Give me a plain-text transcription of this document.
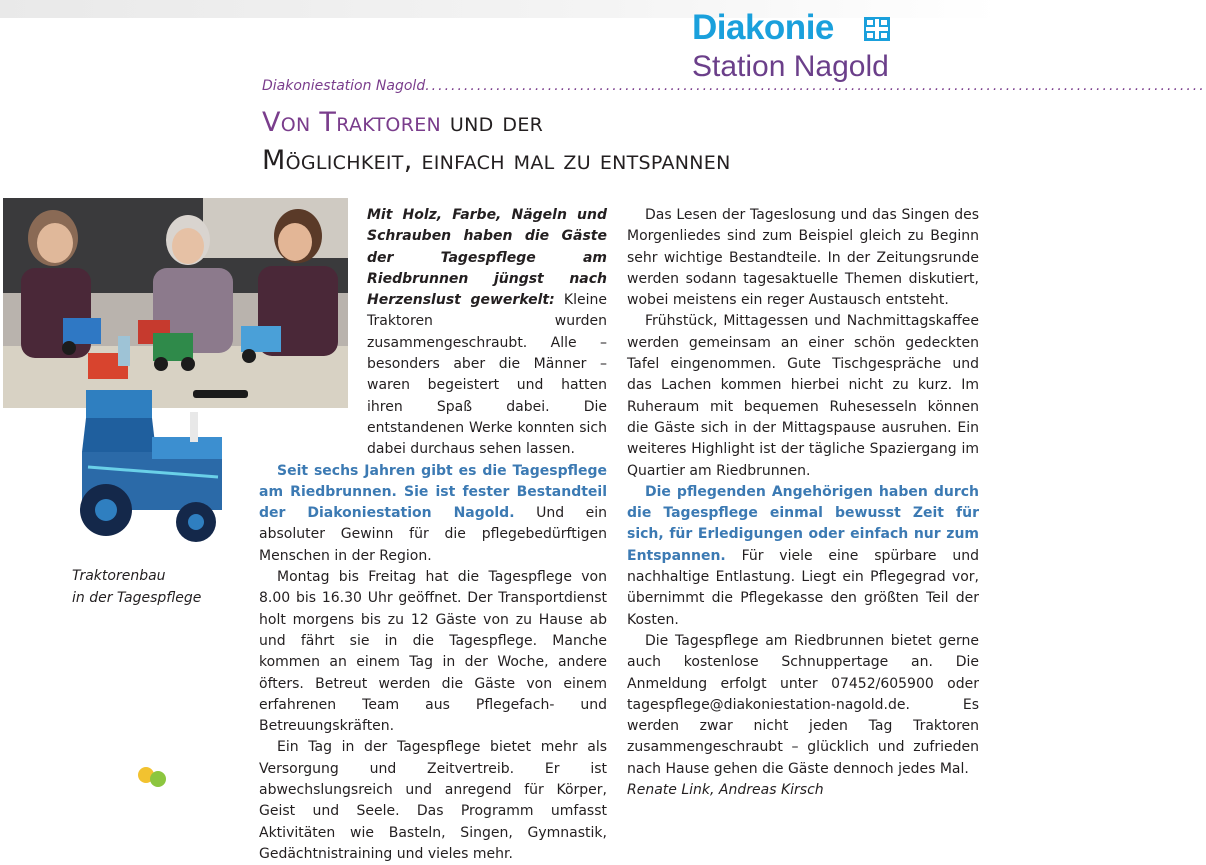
Diakonie
Station Nagold
Diakoniestation Nagold.........................................................................................................................
Von Traktoren und der
Möglichkeit, einfach mal zu entspannen
Traktorenbau
in der Tagespflege

Mit Holz, Farbe, Nägeln und Schrauben haben die Gäste der Tagespflege am Riedbrunnen jüngst nach Herzenslust gewerkelt: Kleine Traktoren wurden zusammengeschraubt. Alle – besonders aber die Männer – waren begeistert und hatten ihren Spaß dabei. Die entstandenen Werke konnten sich dabei durchaus sehen lassen.

Seit sechs Jahren gibt es die Tagespflege am Riedbrunnen. Sie ist fester Bestandteil der Diakoniestation Nagold. Und ein absoluter Gewinn für die pflegebedürftigen Menschen in der Region.

Montag bis Freitag hat die Tagespflege von 8.00 bis 16.30 Uhr geöffnet. Der Transportdienst holt morgens bis zu 12 Gäste von zu Hause ab und fährt sie in die Tagespflege. Manche kommen an einem Tag in der Woche, andere öfters. Betreut werden die Gäste von einem erfahrenen Team aus Pflegefach- und Betreuungskräften.

Ein Tag in der Tagespflege bietet mehr als Versorgung und Zeitvertreib. Er ist abwechslungsreich und anregend für Körper, Geist und Seele. Das Programm umfasst Aktivitäten wie Basteln, Singen, Gymnastik, Gedächtnistraining und vieles mehr.

Das Lesen der Tageslosung und das Singen des Morgenliedes sind zum Beispiel gleich zu Beginn sehr wichtige Bestandteile. In der Zeitungsrunde werden sodann tagesaktuelle Themen diskutiert, wobei meistens ein reger Austausch entsteht.

Frühstück, Mittagessen und Nachmittagskaffee werden gemeinsam an einer schön gedeckten Tafel eingenommen. Gute Tischgespräche und das Lachen kommen hierbei nicht zu kurz. Im Ruheraum mit bequemen Ruhesesseln können die Gäste sich in der Mittagspause ausruhen. Ein weiteres Highlight ist der tägliche Spaziergang im Quartier am Riedbrunnen.

Die pflegenden Angehörigen haben durch die Tagespflege einmal bewusst Zeit für sich, für Erledigungen oder einfach nur zum Entspannen. Für viele eine spürbare und nachhaltige Entlastung. Liegt ein Pflegegrad vor, übernimmt die Pflegekasse den größten Teil der Kosten.

Die Tagespflege am Riedbrunnen bietet gerne auch kostenlose Schnuppertage an. Die Anmeldung erfolgt unter 07452/605900 oder tagespflege@diakoniestation-nagold.de. Es werden zwar nicht jeden Tag Traktoren zusammengeschraubt – glücklich und zufrieden nach Hause gehen die Gäste dennoch jedes Mal.

Renate Link, Andreas Kirsch
